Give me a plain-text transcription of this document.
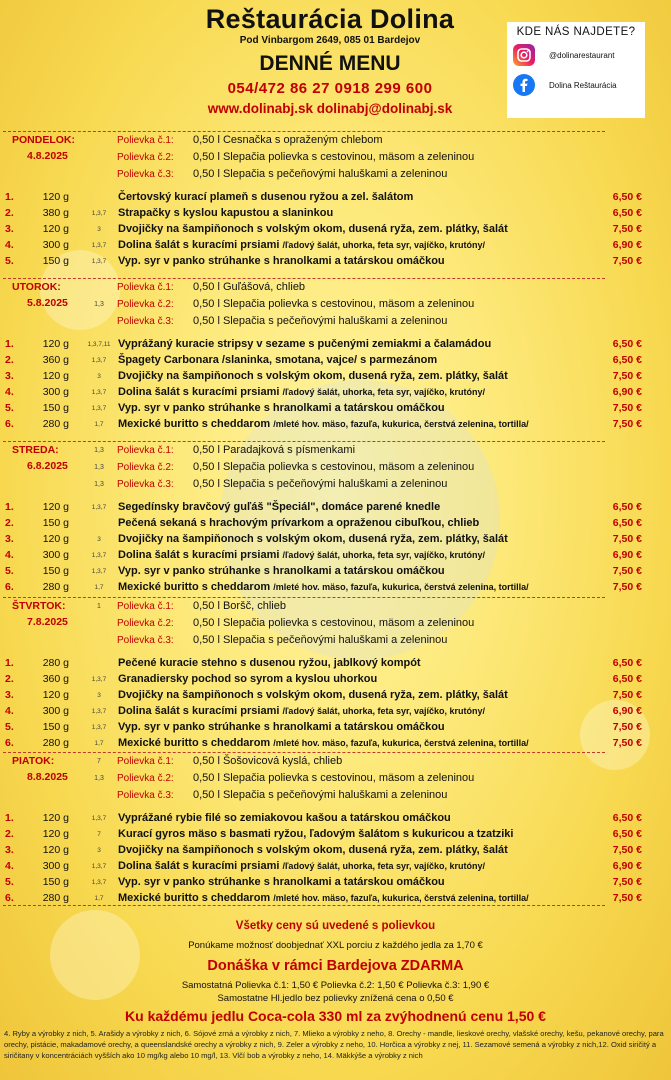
Reštaurácia Dolina
Pod Vinbargom 2649, 085 01 Bardejov
DENNÉ MENU
054/472 86 27 0918 299 600
www.dolinabj.sk dolinabj@dolinabj.sk
KDE NÁS NAJDETE?
@dolinarestaurant
Dolina Reštaurácia
PONDELOK:
4.8.2025
Polievka č.1: 0,50 l Cesnačka s opraženým chlebom
Polievka č.2: 0,50 l Slepačia polievka s cestovinou, mäsom a zeleninou
Polievka č.3: 0,50 l Slepačia s pečeňovými haluškami a zeleninou
1.	120 g	Čertovský kurací plameň s dusenou ryžou a zel. šalátom	6,50 €
2.	380 g	1,3,7	Strapačky s kyslou kapustou a slaninkou	6,50 €
3.	120 g	3	Dvojičky na šampiňonoch s volským okom, dusená ryža, zem. plátky, šalát	7,50 €
4.	300 g	1,3,7	Dolina šalát s kuracími prsiami /ľadový šalát, uhorka, feta syr, vajíčko, krutóny/	6,90 €
5.	150 g	1,3,7	Vyp. syr v panko strúhanke s hranolkami a tatárskou omáčkou	7,50 €
UTOROK:
5.8.2025
Polievka č.1: 0,50 l Guľášová, chlieb
1,3 Polievka č.2: 0,50 l Slepačia polievka s cestovinou, mäsom a zeleninou
Polievka č.3: 0,50 l Slepačia s pečeňovými haluškami a zeleninou
1.	120 g	1,3,7,11 Vyprážaný kuracie stripsy v sezame s pučenými zemiakmi a čalamádou	6,50 €
2.	360 g	1,3,7	Špagety Carbonara /slaninka, smotana, vajce/ s parmezánom	6,50 €
3.	120 g	3	Dvojičky na šampiňonoch s volským okom, dusená ryža, zem. plátky, šalát	7,50 €
4.	300 g	1,3,7	Dolina šalát s kuracími prsiami /ľadový šalát, uhorka, feta syr, vajíčko, krutóny/	6,90 €
5.	150 g	1,3,7	Vyp. syr v panko strúhanke s hranolkami a tatárskou omáčkou	7,50 €
6.	280 g	1,7	Mexické buritto s cheddarom /mleté hov. mäso, fazuľa, kukurica, čerstvá zelenina, tortilla/	7,50 €
STREDA:
6.8.2025
1,3 Polievka č.1: 0,50 l Paradajková s písmenkami
1,3 Polievka č.2: 0,50 l Slepačia polievka s cestovinou, mäsom a zeleninou
1,3 Polievka č.3: 0,50 l Slepačia s pečeňovými haluškami a zeleninou
1.	120 g	1,3,7	Segedínsky bravčový guľáš "Špeciál", domáce parené knedle	6,50 €
2.	150 g	Pečená sekaná s hrachovým prívarkom a opraženou cibuľkou, chlieb	6,50 €
3.	120 g	3	Dvojičky na šampiňonoch s volským okom, dusená ryža, zem. plátky, šalát	7,50 €
4.	300 g	1,3,7	Dolina šalát s kuracími prsiami /ľadový šalát, uhorka, feta syr, vajíčko, krutóny/	6,90 €
5.	150 g	1,3,7	Vyp. syr v panko strúhanke s hranolkami a tatárskou omáčkou	7,50 €
6.	280 g	1,7	Mexické buritto s cheddarom /mleté hov. mäso, fazuľa, kukurica, čerstvá zelenina, tortilla/	7,50 €
ŠTVRTOK:
7.8.2025
1	Polievka č.1: 0,50 l Boršč, chlieb
Polievka č.2: 0,50 l Slepačia polievka s cestovinou, mäsom a zeleninou
Polievka č.3: 0,50 l Slepačia s pečeňovými haluškami a zeleninou
1.	280 g	Pečené kuracie stehno s dusenou ryžou, jablkový kompót	6,50 €
2.	360 g	1,3,7	Granadiersky pochod so syrom a kyslou uhorkou	6,50 €
3.	120 g	3	Dvojičky na šampiňonoch s volským okom, dusená ryža, zem. plátky, šalát	7,50 €
4.	300 g	1,3,7	Dolina šalát s kuracími prsiami /ľadový šalát, uhorka, feta syr, vajíčko, krutóny/	6,90 €
5.	150 g	1,3,7	Vyp. syr v panko strúhanke s hranolkami a tatárskou omáčkou	7,50 €
6.	280 g	1,7	Mexické buritto s cheddarom /mleté hov. mäso, fazuľa, kukurica, čerstvá zelenina, tortilla/	7,50 €
PIATOK:
8.8.2025
7	Polievka č.1: 0,50 l Šošovicová kyslá, chlieb
1,3 Polievka č.2: 0,50 l Slepačia polievka s cestovinou, mäsom a zeleninou
Polievka č.3: 0,50 l Slepačia s pečeňovými haluškami a zeleninou
1.	120 g	1,3,7	Vyprážané rybie filé so zemiakovou kašou a tatárskou omáčkou	6,50 €
2.	120 g	7	Kurací gyros mäso s basmati ryžou, ľadovým šalátom s kukuricou a tzatziki	6,50 €
3.	120 g	3	Dvojičky na šampiňonoch s volským okom, dusená ryža, zem. plátky, šalát	7,50 €
4.	300 g	1,3,7	Dolina šalát s kuracími prsiami /ľadový šalát, uhorka, feta syr, vajíčko, krutóny/	6,90 €
5.	150 g	1,3,7	Vyp. syr v panko strúhanke s hranolkami a tatárskou omáčkou	7,50 €
6.	280 g	1,7	Mexické buritto s cheddarom /mleté hov. mäso, fazuľa, kukurica, čerstvá zelenina, tortilla/	7,50 €
Všetky ceny sú uvedené s polievkou
Ponúkame možnosť doobjednať XXL porciu z každého jedla za 1,70 €
Donáška v rámci Bardejova ZDARMA
Samostatná Polievka č.1: 1,50 € Polievka č.2: 1,50 € Polievka č.3: 1,90 €
Samostatne Hl.jedlo bez polievky znížená cena o 0,50 €
Ku každému jedlu Coca-cola 330 ml za zvýhodnenú cenu 1,50 €
4. Ryby a výrobky z nich, 5. Arašidy a výrobky z nich, 6. Sójové zrná a výrobky z nich, 7. Mlieko a výrobky z neho, 8. Orechy - mandle, lieskové orechy, vlašské orechy, kešu, pekanové orechy, para orechy, pistácie, makadamové orechy, a queenslandské orechy a výrobky z nich, 9. Zeler a výrobky z neho, 10. Horčica a výrobky z nej, 11. Sezamové semená a výrobky z nich,12. Oxid siričitý a siričitany v koncentráciách vyšších ako 10 mg/kg alebo 10 mg/l, 13. Vlčí bob a výrobky z neho, 14. Mäkkýše a výrobky z nich
